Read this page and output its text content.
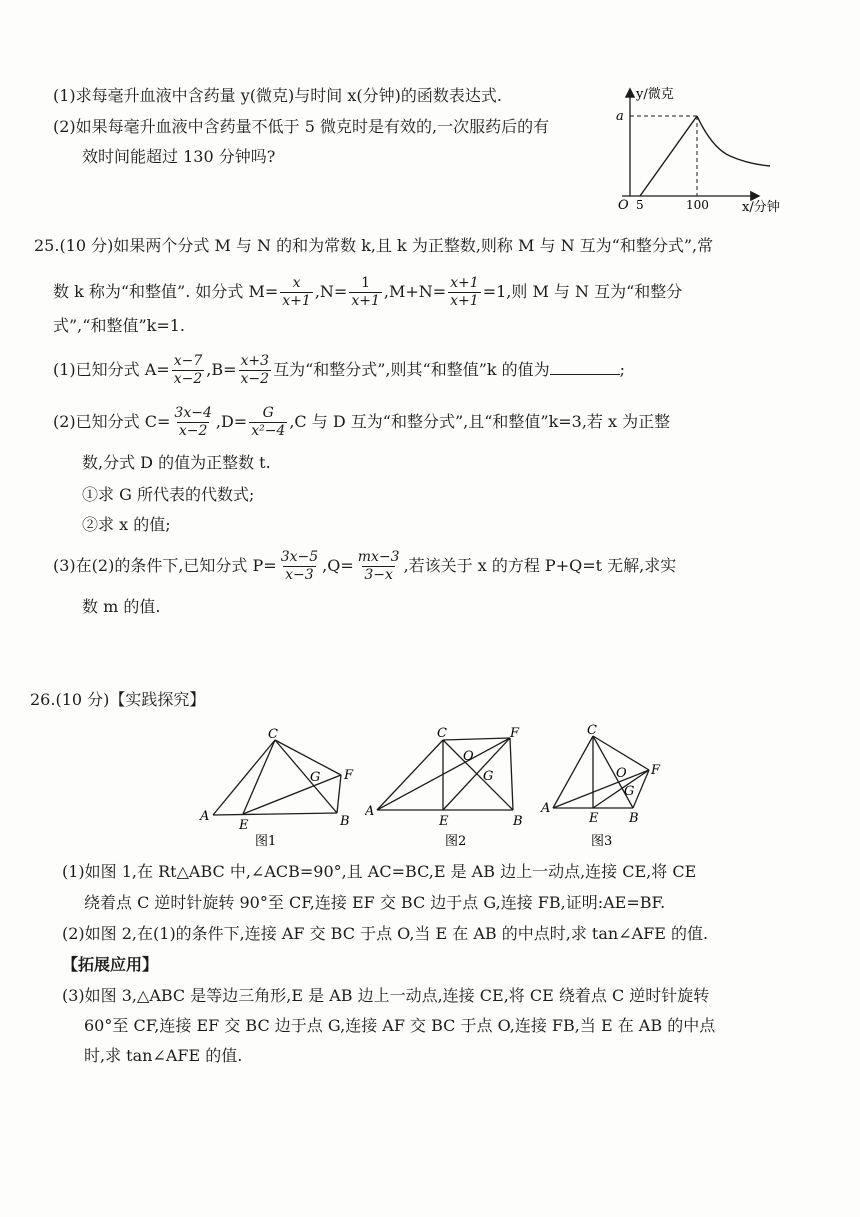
(1)求每毫升血液中含药量 y(微克)与时间 x(分钟)的函数表达式.
(2)如果每毫升血液中含药量不低于 5 微克时是有效的,一次服药后的有
效时间能超过 130 分钟吗?
y/微克
a
O 5	100	x/分钟
25.(10 分)如果两个分式 M 与 N 的和为常数 k,且 k 为正整数,则称 M 与 N 互为“和整分式”,常
数 k 称为“和整值”. 如分式 $M= \frac{x}{x+1} ,N= \frac{1}{x+1} ,M+N= \frac{x+1}{x+1} =1$,则 M 与 N 互为“和整分
式”,“和整值”k=1.
(1)已知分式 $A= \frac{x-7}{x-2} ,B= \frac{x+3}{x-2}$ 互为“和整分式”,则其“和整值”k 的值为	;
(2)已知分式 $C= \frac{3x-4}{x-2} ,D= \frac{G}{\text{x²−4}} ,C$ 与 D 互为“和整分式”,且“和整值”k=3,若 x 为正整
数,分式 D 的值为正整数 t.
①求 G 所代表的代数式;
②求 x 的值;
(3)在(2)的条件下,已知分式 $P= \frac{3x-5}{x-3} ,Q= \frac{mx-3}{3-x}$ ,若该关于 x 的方程 P+Q=t 无解,求实
数 m 的值.
26.(10 分)【实践探究】
C
A
E	B
G F
图1
C	F
O
G
A
E	B
图2
C
O F
G
A
E B
图3
(1)如图 1,在 Rt△ABC 中,∠ACB=90°,且 AC=BC,E 是 AB 边上一动点,连接 CE,将 CE
绕着点 C 逆时针旋转 90°至 CF,连接 EF 交 BC 边于点 G,连接 FB,证明:AE=BF.
(2)如图 2,在(1)的条件下,连接 AF 交 BC 于点 O,当 E 在 AB 的中点时,求 tan∠AFE 的值.
【拓展应用】
(3)如图 3,△ABC 是等边三角形,E 是 AB 边上一动点,连接 CE,将 CE 绕着点 C 逆时针旋转
60°至 CF,连接 EF 交 BC 边于点 G,连接 AF 交 BC 于点 O,连接 FB,当 E 在 AB 的中点
时,求 tan∠AFE 的值.
